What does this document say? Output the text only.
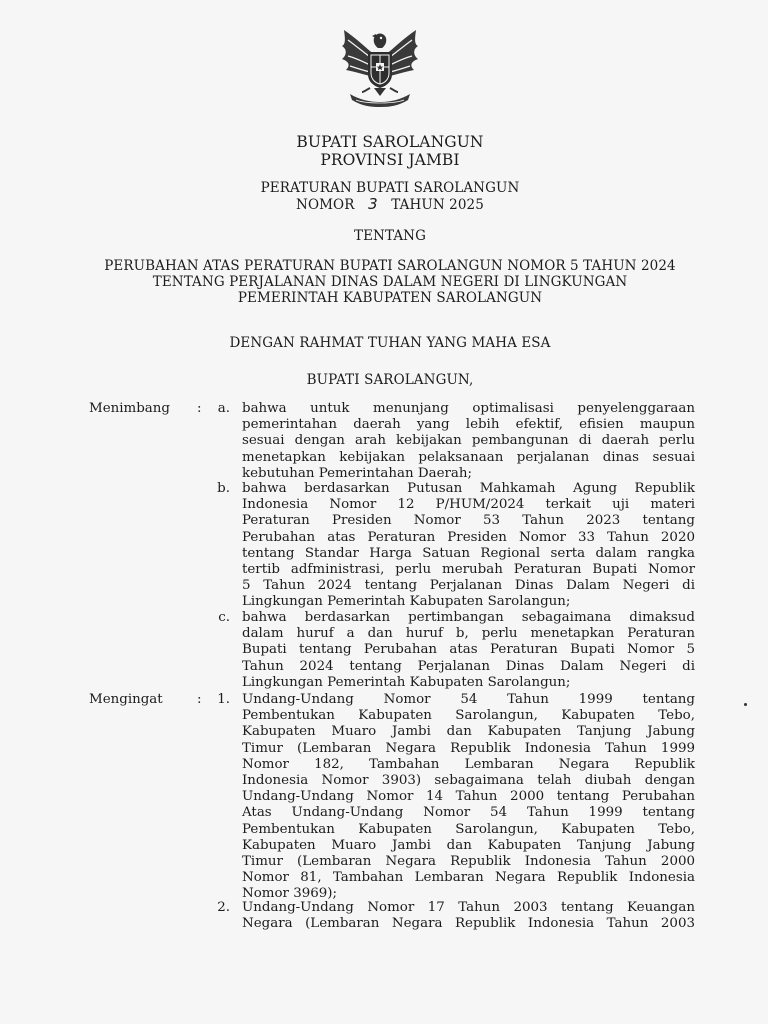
BUPATI SAROLANGUN
PROVINSI JAMBI
PERATURAN BUPATI SAROLANGUN
NOMOR 3 TAHUN 2025
TENTANG
PERUBAHAN ATAS PERATURAN BUPATI SAROLANGUN NOMOR 5 TAHUN 2024
TENTANG PERJALANAN DINAS DALAM NEGERI DI LINGKUNGAN
PEMERINTAH KABUPATEN SAROLANGUN
DENGAN RAHMAT TUHAN YANG MAHA ESA
BUPATI SAROLANGUN,
Menimbang :	a. bahwa untuk menunjang optimalisasi penyelenggaraan
pemerintahan daerah yang lebih efektif, efisien maupun
sesuai dengan arah kebijakan pembangunan di daerah perlu
menetapkan kebijakan pelaksanaan perjalanan dinas sesuai
kebutuhan Pemerintahan Daerah;
b. bahwa berdasarkan Putusan Mahkamah Agung Republik
Indonesia Nomor 12 P/HUM/2024 terkait uji materi
Peraturan Presiden Nomor 53 Tahun 2023 tentang
Perubahan atas Peraturan Presiden Nomor 33 Tahun 2020
tentang Standar Harga Satuan Regional serta dalam rangka
tertib adfministrasi, perlu merubah Peraturan Bupati Nomor
5 Tahun 2024 tentang Perjalanan Dinas Dalam Negeri di
Lingkungan Pemerintah Kabupaten Sarolangun;
c. bahwa berdasarkan pertimbangan sebagaimana dimaksud
dalam huruf a dan huruf b, perlu menetapkan Peraturan
Bupati tentang Perubahan atas Peraturan Bupati Nomor 5
Tahun 2024 tentang Perjalanan Dinas Dalam Negeri di
Lingkungan Pemerintah Kabupaten Sarolangun;
Mengingat	:	1. Undang-Undang Nomor 54 Tahun 1999 tentang
Pembentukan Kabupaten Sarolangun, Kabupaten Tebo,
Kabupaten Muaro Jambi dan Kabupaten Tanjung Jabung
Timur (Lembaran Negara Republik Indonesia Tahun 1999
Nomor 182, Tambahan Lembaran Negara Republik
Indonesia Nomor 3903) sebagaimana telah diubah dengan
Undang-Undang Nomor 14 Tahun 2000 tentang Perubahan
Atas Undang-Undang Nomor 54 Tahun 1999 tentang
Pembentukan Kabupaten Sarolangun, Kabupaten Tebo,
Kabupaten Muaro Jambi dan Kabupaten Tanjung Jabung
Timur (Lembaran Negara Republik Indonesia Tahun 2000
Nomor 81, Tambahan Lembaran Negara Republik Indonesia
Nomor 3969);
2. Undang-Undang Nomor 17 Tahun 2003 tentang Keuangan
Negara (Lembaran Negara Republik Indonesia Tahun 2003
